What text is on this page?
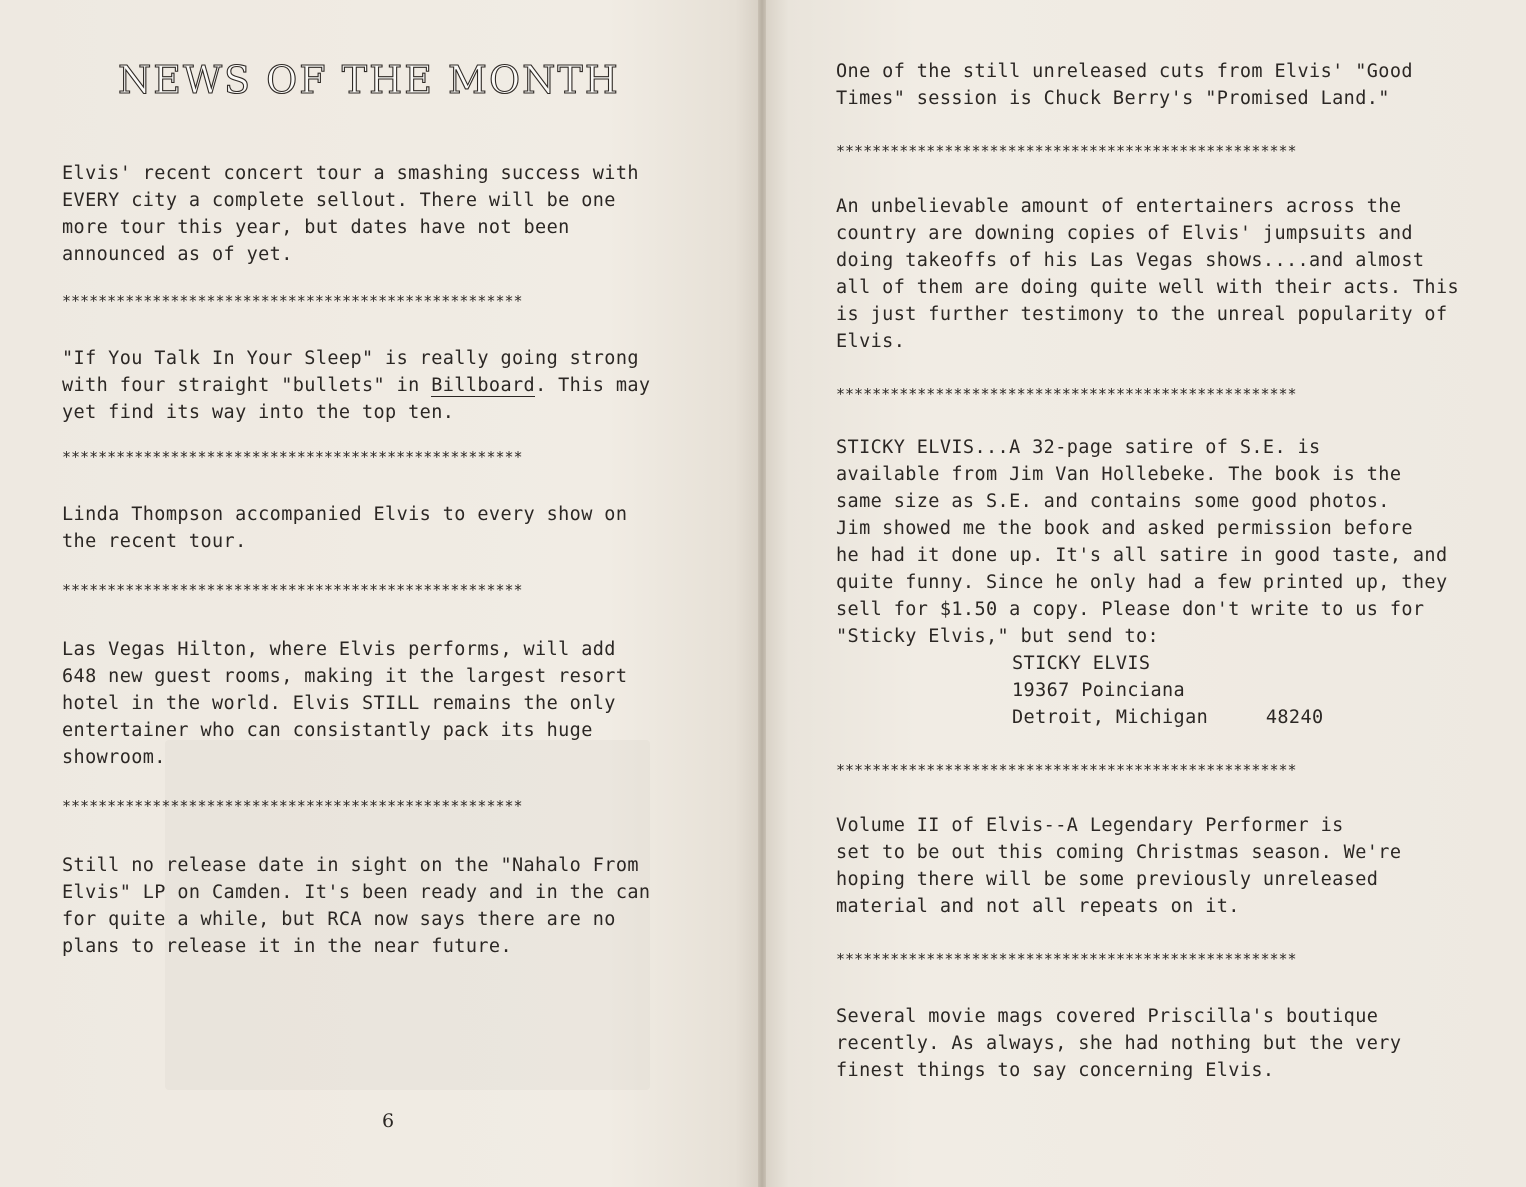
NEWS OF THE MONTH

Elvis' recent concert tour a smashing success with
EVERY city a complete sellout. There will be one
more tour this year, but dates have not been
announced as of yet.

***************************************************

"If You Talk In Your Sleep" is really going strong
with four straight "bullets" in Billboard. This may
yet find its way into the top ten.

***************************************************

Linda Thompson accompanied Elvis to every show on
the recent tour.

***************************************************

Las Vegas Hilton, where Elvis performs, will add
648 new guest rooms, making it the largest resort
hotel in the world. Elvis STILL remains the only
entertainer who can consistantly pack its huge
showroom.

***************************************************

Still no release date in sight on the "Nahalo From
Elvis" LP on Camden. It's been ready and in the can
for quite a while, but RCA now says there are no
plans to release it in the near future.

6

One of the still unreleased cuts from Elvis' "Good
Times" session is Chuck Berry's "Promised Land."

***************************************************

An unbelievable amount of entertainers across the
country are downing copies of Elvis' jumpsuits and
doing takeoffs of his Las Vegas shows....and almost
all of them are doing quite well with their acts. This
is just further testimony to the unreal popularity of
Elvis.

***************************************************

STICKY ELVIS...A 32-page satire of S.E. is
available from Jim Van Hollebeke. The book is the
same size as S.E. and contains some good photos.
Jim showed me the book and asked permission before
he had it done up. It's all satire in good taste, and
quite funny. Since he only had a few printed up, they
sell for $1.50 a copy. Please don't write to us for
"Sticky Elvis," but send to:

STICKY ELVIS

19367 Poinciana

Detroit, Michigan     48240

***************************************************

Volume II of Elvis--A Legendary Performer is
set to be out this coming Christmas season. We're
hoping there will be some previously unreleased
material and not all repeats on it.

***************************************************

Several movie mags covered Priscilla's boutique
recently. As always, she had nothing but the very
finest things to say concerning Elvis.
